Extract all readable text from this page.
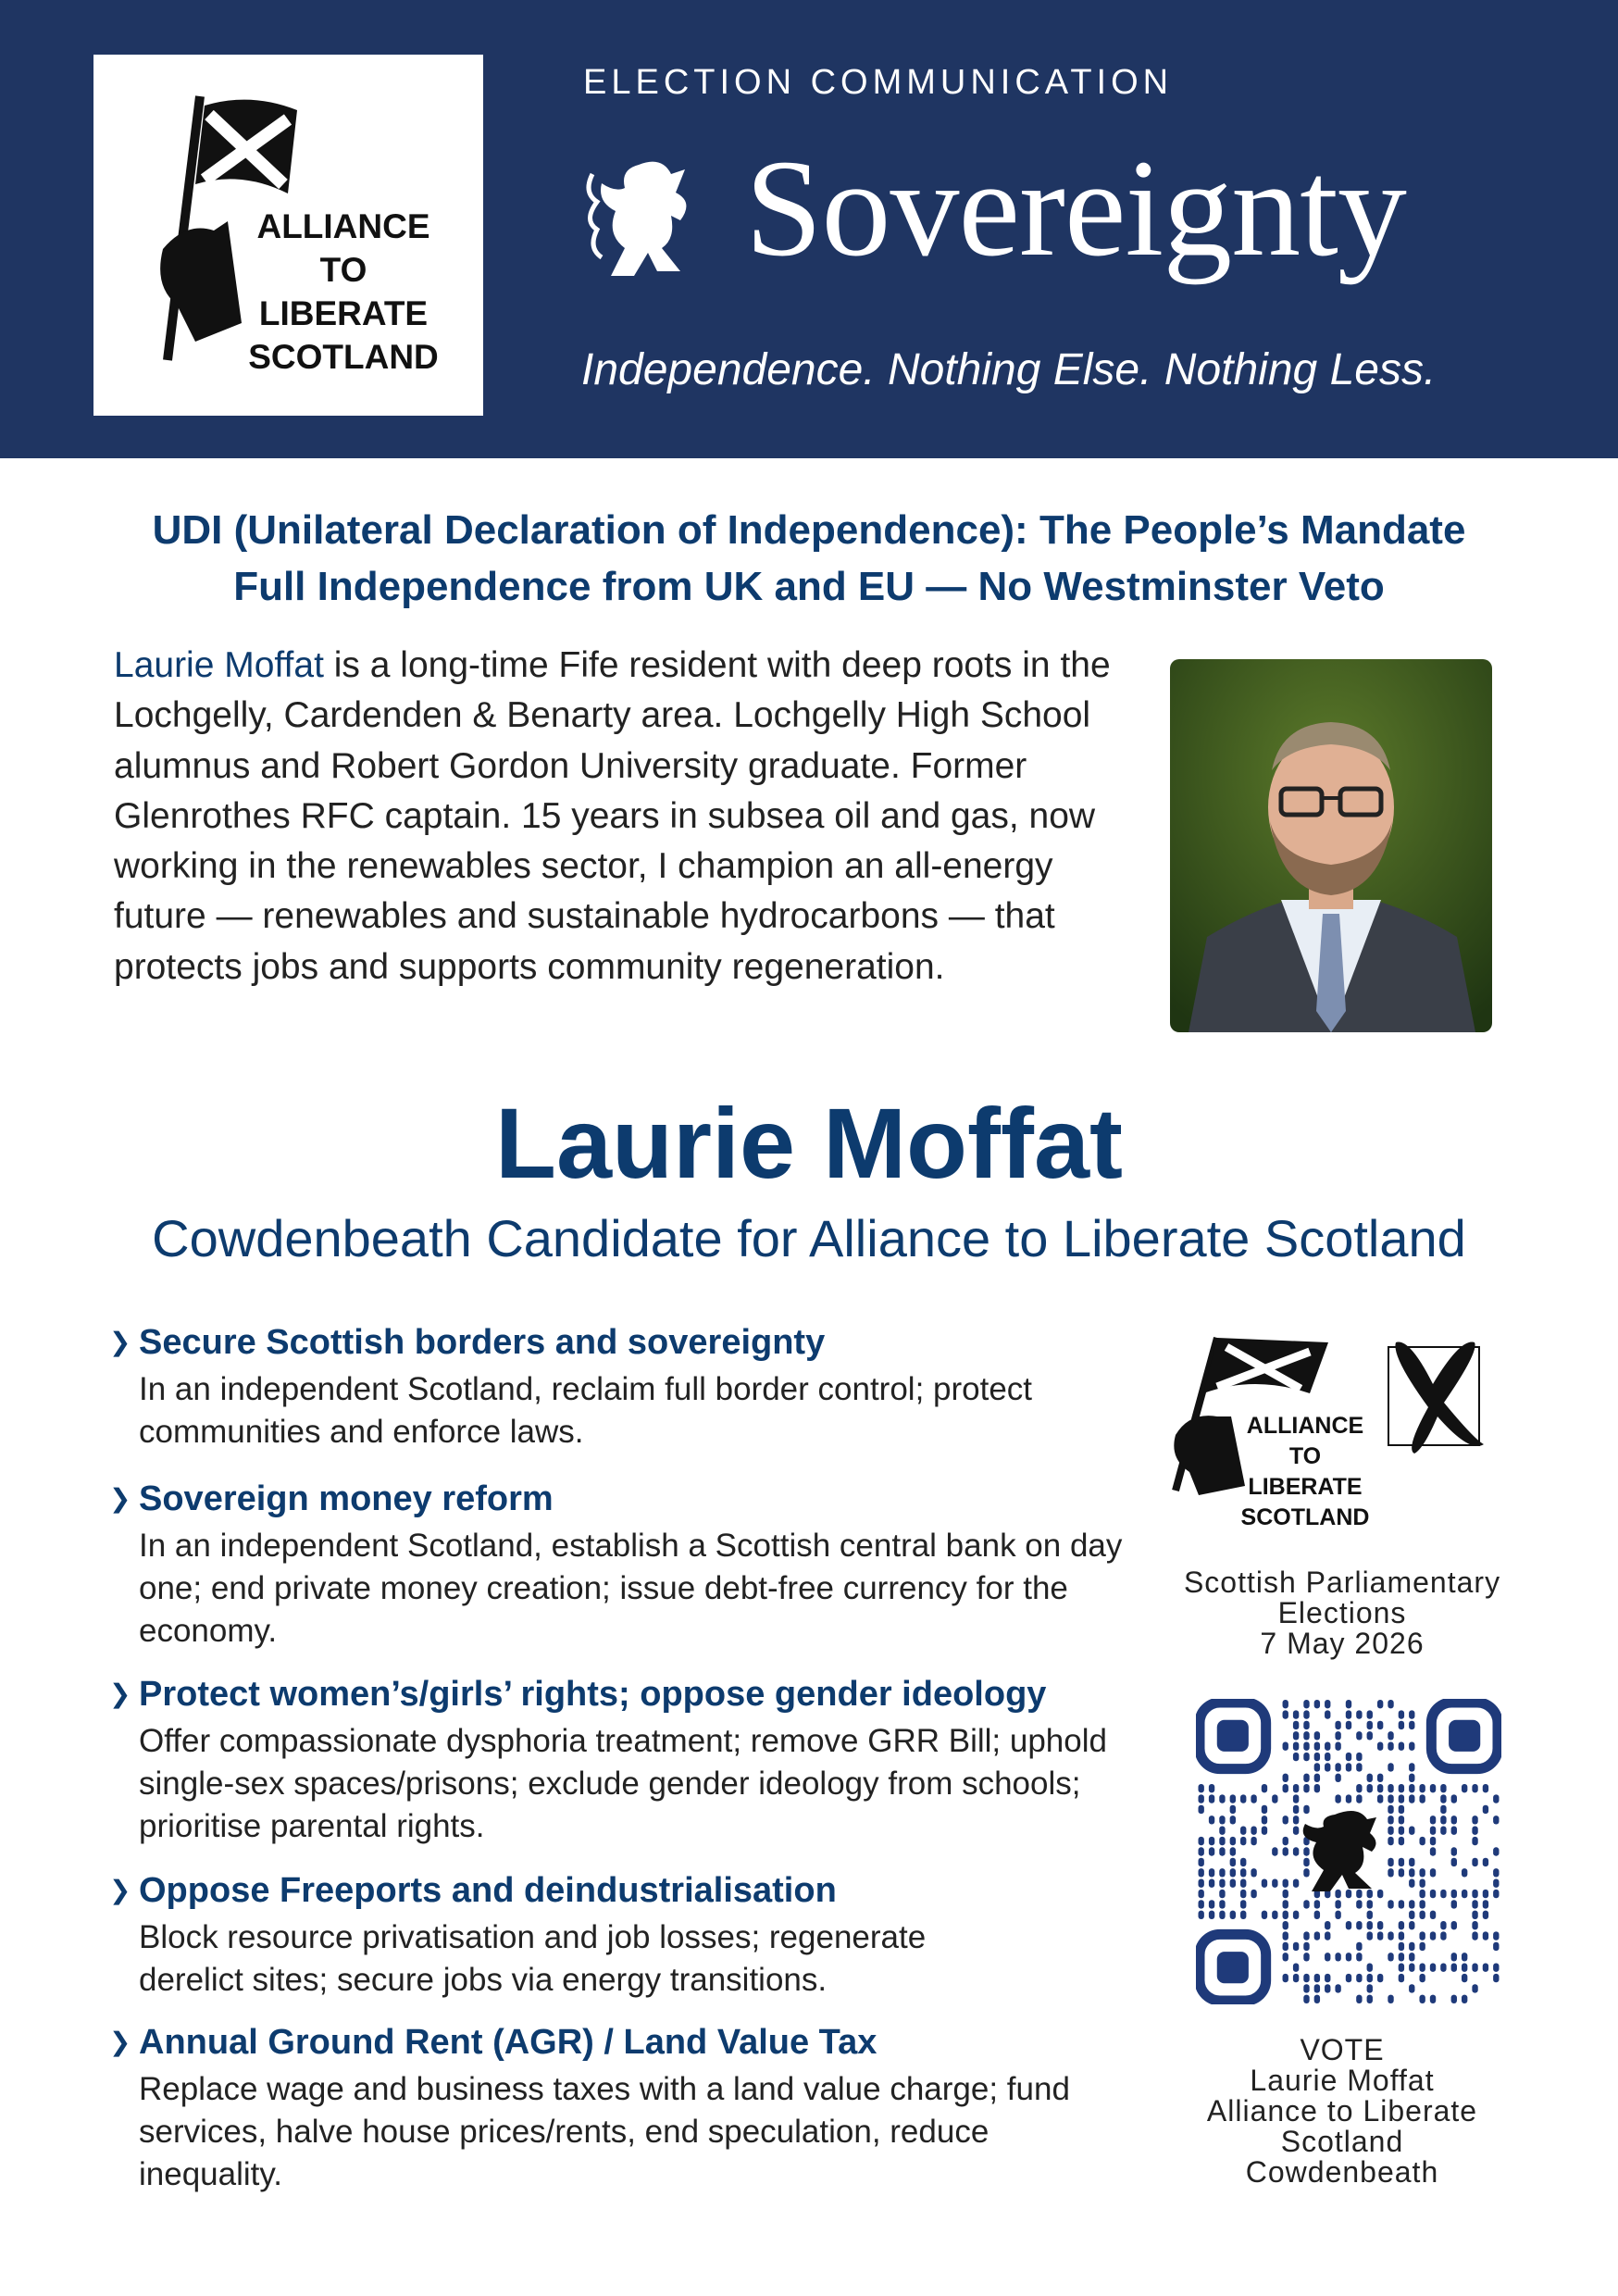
ALLIANCE
TO
LIBERATE
SCOTLAND
ELECTION COMMUNICATION
Sovereignty
Independence. Nothing Else. Nothing Less.
UDI (Unilateral Declaration of Independence): The People’s Mandate
Full Independence from UK and EU — No Westminster Veto
Laurie Moffat is a long-time Fife resident with deep roots in the Lochgelly, Cardenden & Benarty area. Lochgelly High School alumnus and Robert Gordon University graduate. Former Glenrothes RFC captain. 15 years in subsea oil and gas, now working in the renewables sector, I champion an all-energy future — renewables and sustainable hydrocarbons — that protects jobs and supports community regeneration.
Laurie Moffat
Cowdenbeath Candidate for Alliance to Liberate Scotland
❯ Secure Scottish borders and sovereignty
In an independent Scotland, reclaim full border control; protect communities and enforce laws.
❯ Sovereign money reform
In an independent Scotland, establish a Scottish central bank on day one; end private money creation; issue debt-free currency for the economy.
❯ Protect women’s/girls’ rights; oppose gender ideology
Offer compassionate dysphoria treatment; remove GRR Bill; uphold single-sex spaces/prisons; exclude gender ideology from schools; prioritise parental rights.
❯ Oppose Freeports and deindustrialisation
Block resource privatisation and job losses; regenerate derelict sites; secure jobs via energy transitions.
❯ Annual Ground Rent (AGR) / Land Value Tax
Replace wage and business taxes with a land value charge; fund services, halve house prices/rents, end speculation, reduce inequality.
ALLIANCE
TO
LIBERATE
SCOTLAND
Scottish Parliamentary
Elections
7 May 2026
VOTE
Laurie Moffat
Alliance to Liberate
Scotland
Cowdenbeath
